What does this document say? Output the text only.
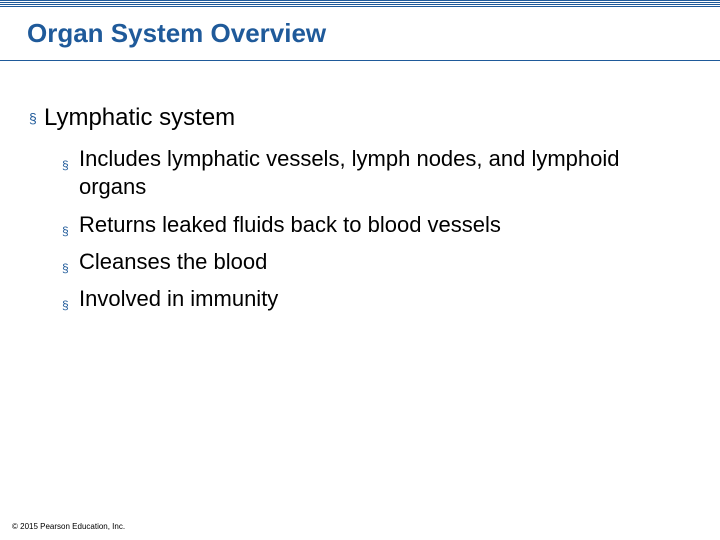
Organ System Overview
§ Lymphatic system
§ Includes lymphatic vessels, lymph nodes, and lymphoid organs
§ Returns leaked fluids back to blood vessels
§ Cleanses the blood
§ Involved in immunity
© 2015 Pearson Education, Inc.
